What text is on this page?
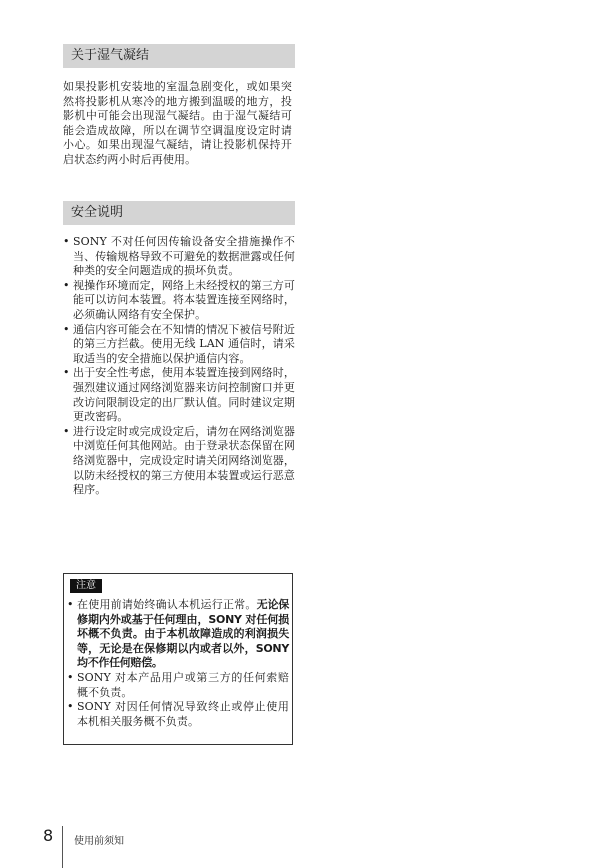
关于湿气凝结

如果投影机安装地的室温急剧变化，或如果突然将投影机从寒冷的地方搬到温暖的地方，投影机中可能会出现湿气凝结。由于湿气凝结可能会造成故障，所以在调节空调温度设定时请小心。如果出现湿气凝结，请让投影机保持开启状态约两小时后再使用。

安全说明
• SONY 不对任何因传输设备安全措施操作不当、传输规格导致不可避免的数据泄露或任何种类的安全问题造成的损坏负责。
• 视操作环境而定，网络上未经授权的第三方可能可以访问本装置。将本装置连接至网络时，必须确认网络有安全保护。
• 通信内容可能会在不知情的情况下被信号附近的第三方拦截。使用无线 LAN 通信时，请采取适当的安全措施以保护通信内容。
• 出于安全性考虑，使用本装置连接到网络时，强烈建议通过网络浏览器来访问控制窗口并更改访问限制设定的出厂默认值。同时建议定期更改密码。
• 进行设定时或完成设定后，请勿在网络浏览器中浏览任何其他网站。由于登录状态保留在网络浏览器中，完成设定时请关闭网络浏览器，以防未经授权的第三方使用本装置或运行恶意程序。
注意
• 在使用前请始终确认本机运行正常。无论保修期内外或基于任何理由，SONY 对任何损坏概不负责。由于本机故障造成的利润损失等，无论是在保修期以内或者以外，SONY 均不作任何赔偿。
• SONY 对本产品用户或第三方的任何索赔概不负责。
• SONY 对因任何情况导致终止或停止使用本机相关服务概不负责。
8 使用前须知
